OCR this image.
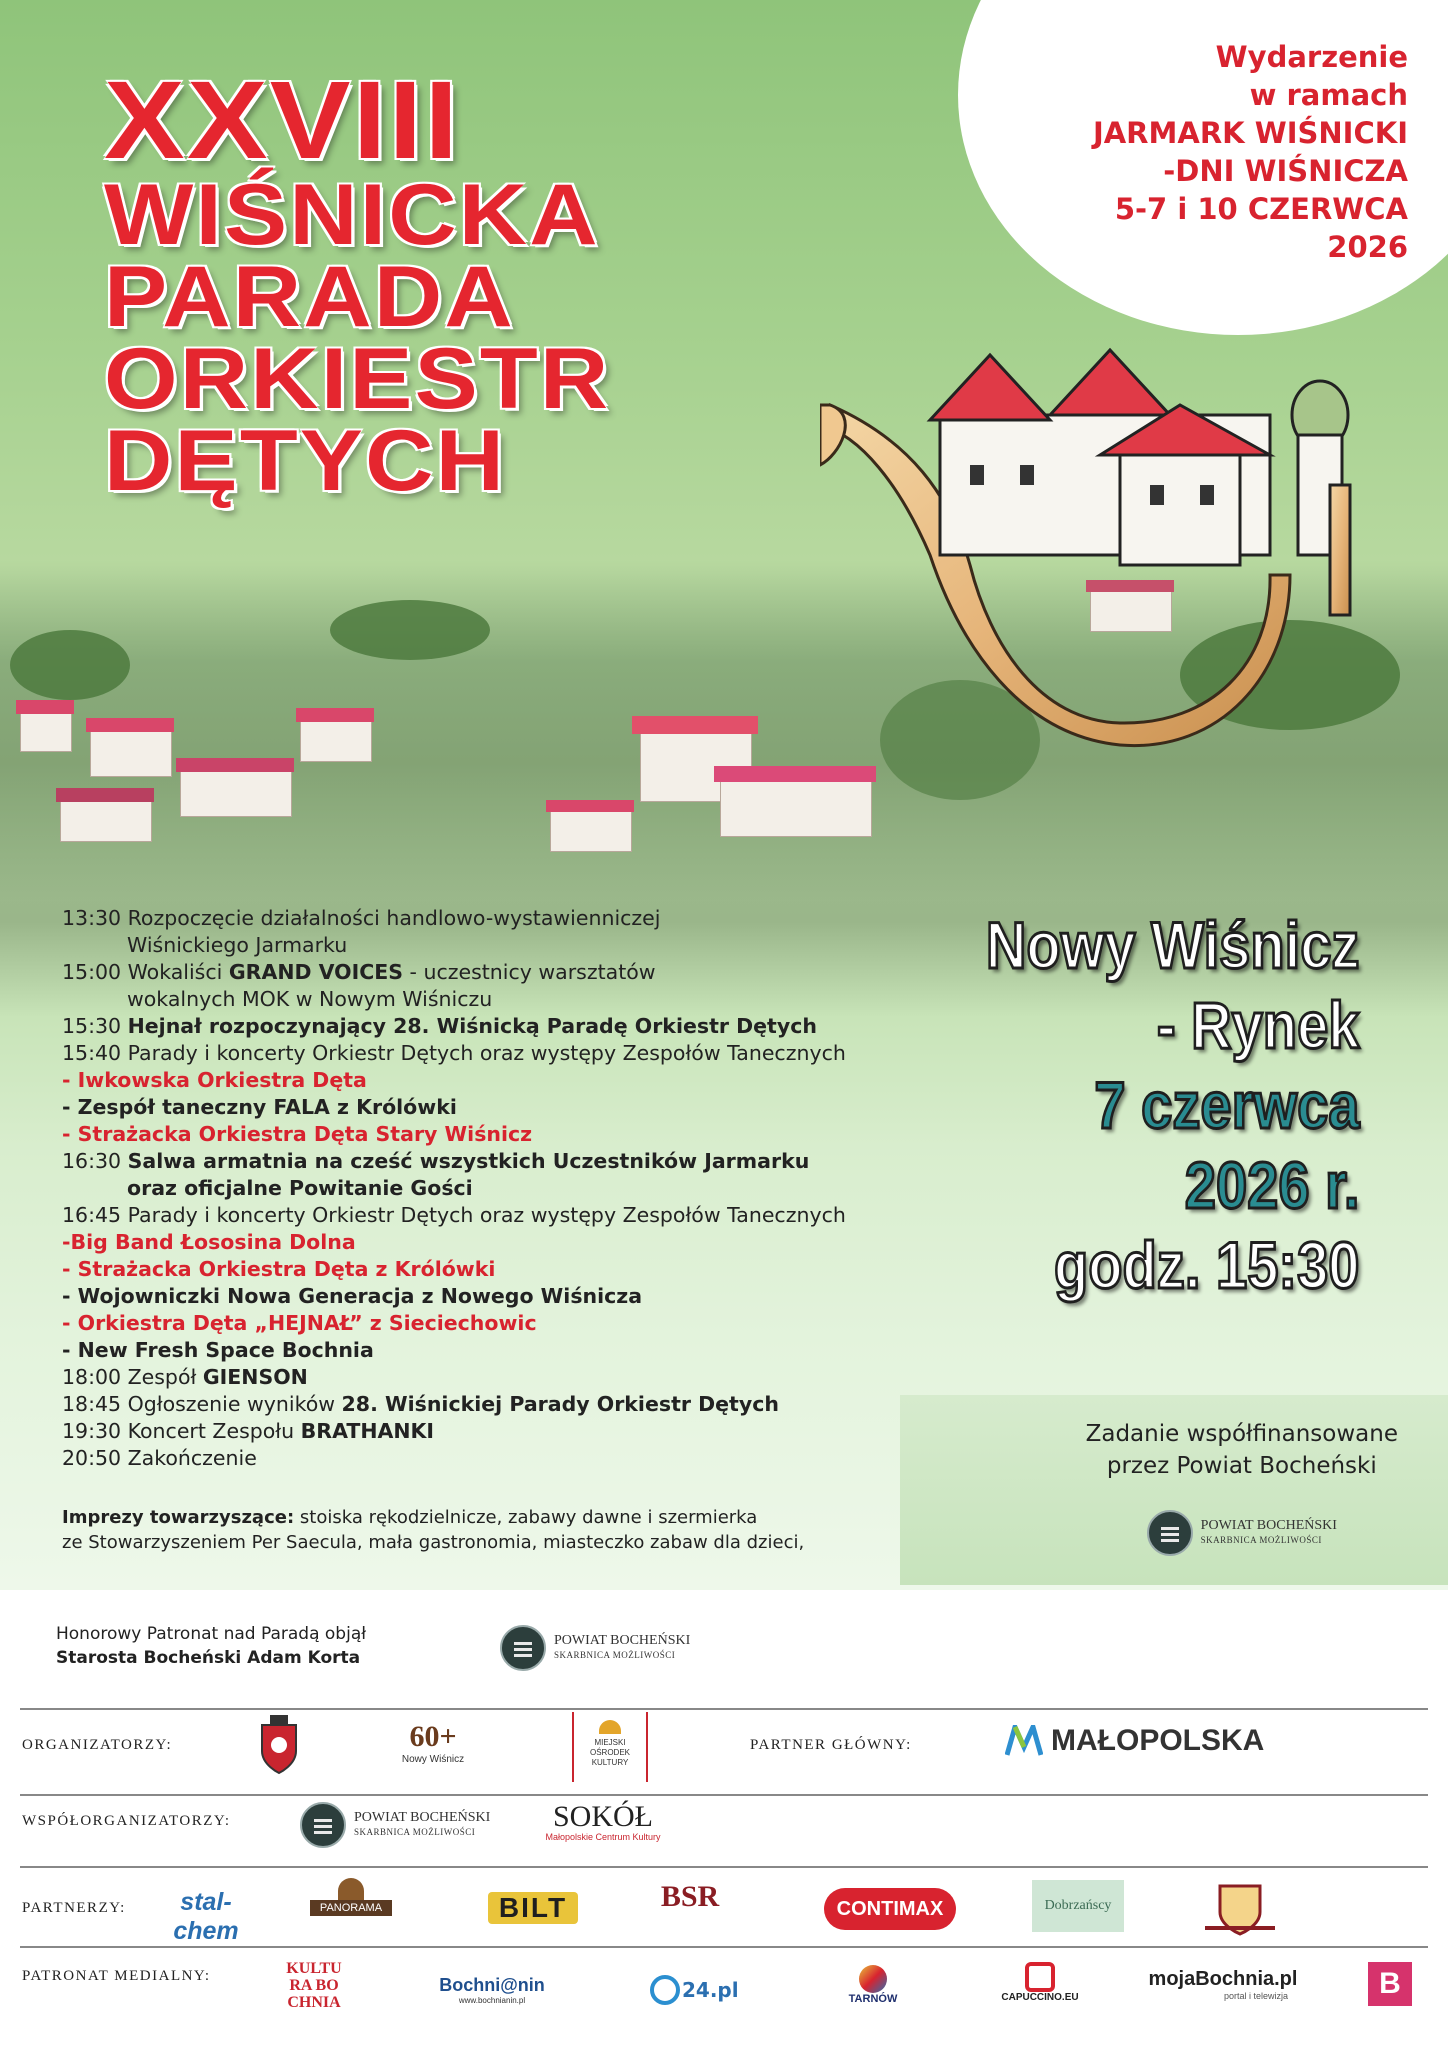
Wydarzenie
w ramach
JARMARK WIŚNICKI
-DNI WIŚNICZA
5-7 i 10 CZERWCA
2026
XXVIII
WIŚNICKA
PARADA
ORKIESTR
DĘTYCH
13:30 Rozpoczęcie działalności handlowo-wystawienniczej
Wiśnickiego Jarmarku
15:00 Wokaliści GRAND VOICES - uczestnicy warsztatów
wokalnych MOK w Nowym Wiśniczu
15:30 Hejnał rozpoczynający 28. Wiśnicką Paradę Orkiestr Dętych
15:40 Parady i koncerty Orkiestr Dętych oraz występy Zespołów Tanecznych
- Iwkowska Orkiestra Dęta
- Zespół taneczny FALA z Królówki
- Strażacka Orkiestra Dęta Stary Wiśnicz
16:30 Salwa armatnia na cześć wszystkich Uczestników Jarmarku
oraz oficjalne Powitanie Gości
16:45 Parady i koncerty Orkiestr Dętych oraz występy Zespołów Tanecznych
-Big Band Łososina Dolna
- Strażacka Orkiestra Dęta z Królówki
- Wojowniczki Nowa Generacja z Nowego Wiśnicza
- Orkiestra Dęta „HEJNAŁ” z Sieciechowic
- New Fresh Space Bochnia
18:00 Zespół GIENSON
18:45 Ogłoszenie wyników 28. Wiśnickiej Parady Orkiestr Dętych
19:30 Koncert Zespołu BRATHANKI
20:50 Zakończenie
Imprezy towarzyszące: stoiska rękodzielnicze, zabawy dawne i szermierka
ze Stowarzyszeniem Per Saecula, mała gastronomia, miasteczko zabaw dla dzieci,
Nowy Wiśnicz
- Rynek
7 czerwca
2026 r.
godz. 15:30
Zadanie współfinansowane
przez Powiat Bocheński
POWIAT BOCHEŃSKI
SKARBNICA MOŻLIWOŚCI
Honorowy Patronat nad Paradą objął
Starosta Bocheński Adam Korta
POWIAT BOCHEŃSKI
SKARBNICA MOŻLIWOŚCI
ORGANIZATORZY:	60+
Nowy Wiśnicz
MIEJSKI OŚRODEK KULTURY
PARTNER GŁÓWNY:	MAŁOPOLSKA
WSPÓŁORGANIZATORZY:	POWIAT BOCHEŃSKI
SKARBNICA MOŻLIWOŚCI	SOKÓŁ
Małopolskie Centrum Kultury
PARTNERZY:	stal-chem
PANORAMA	BILT	BSR	CONTIMAX	Dobrzańscy
PATRONAT MEDIALNY:	KULTURA BOCHNIA
Bochni@nin
www.bochnianin.pl	24.pl	TARNÓW	CAPUCCINO.EU
mojaBochnia.pl
portal i telewizja	B
